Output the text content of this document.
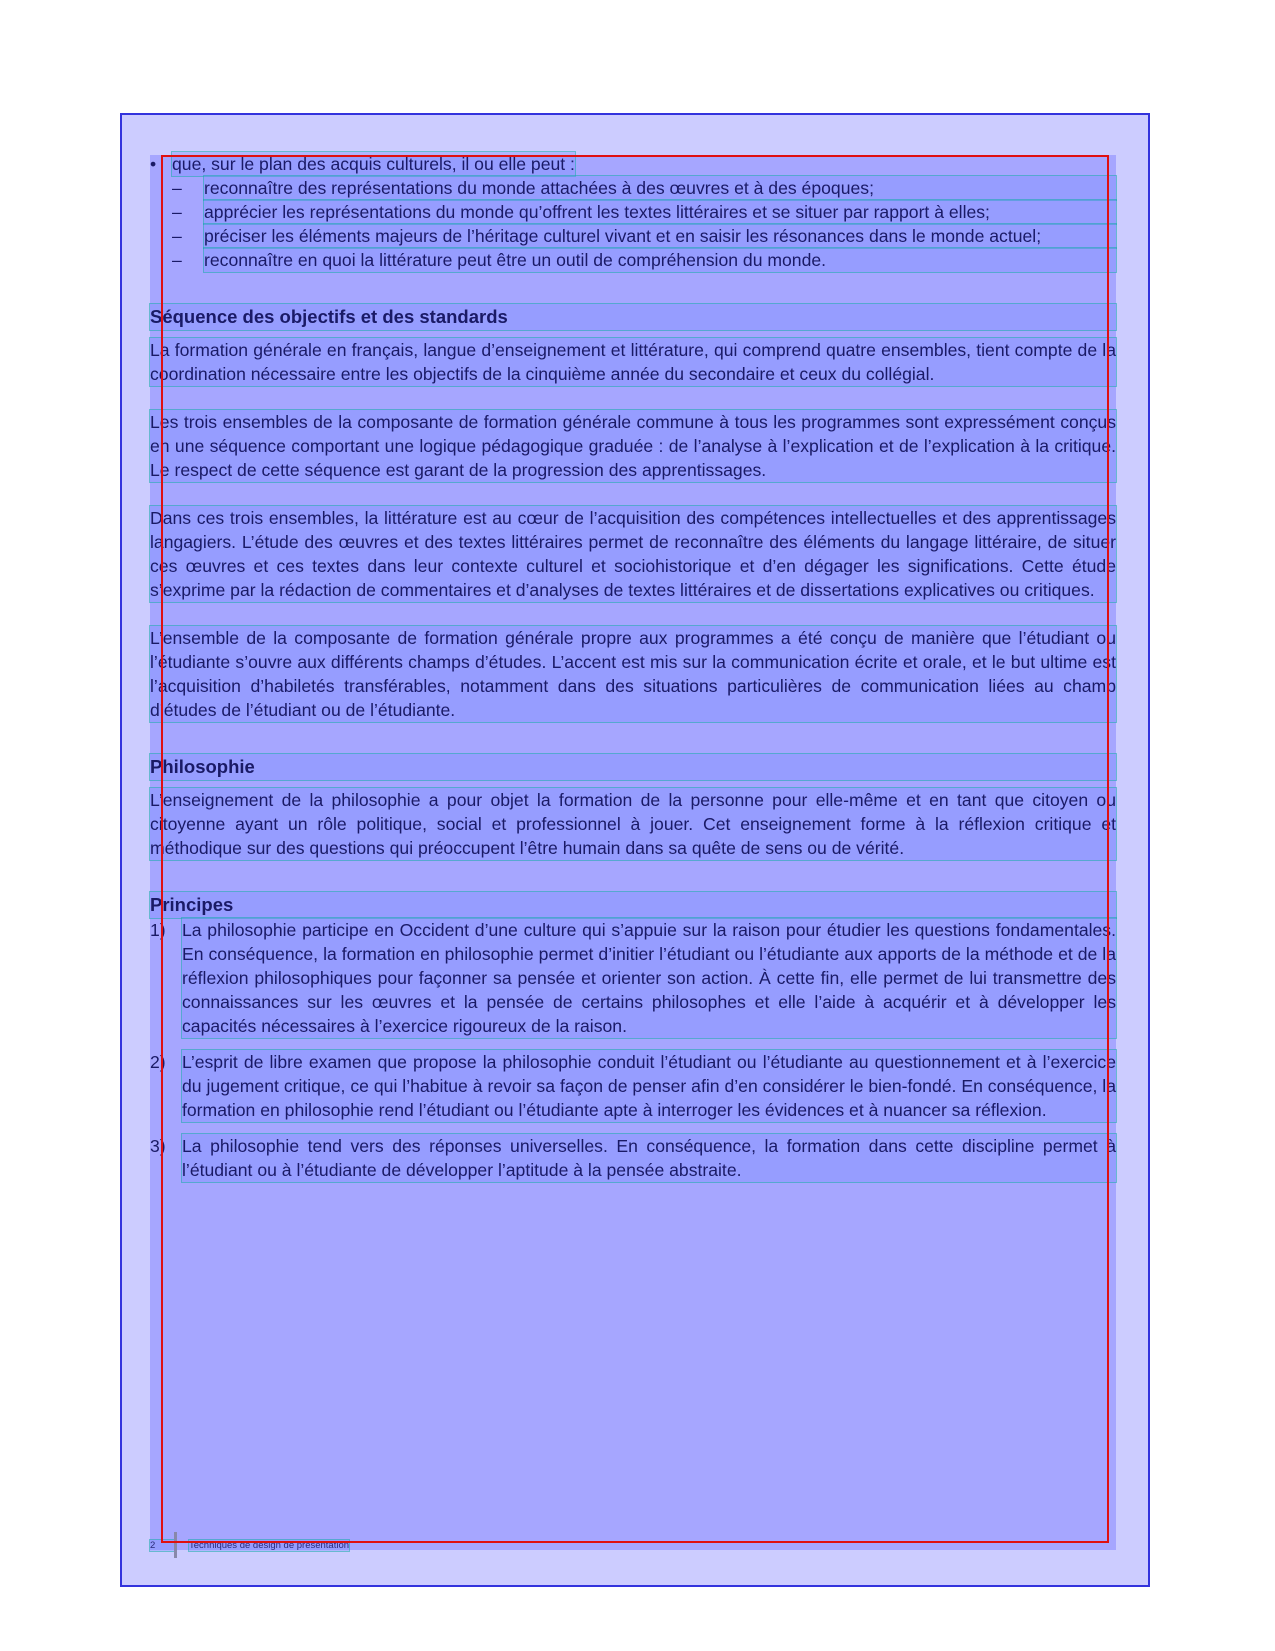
• que, sur le plan des acquis culturels, il ou elle peut :
–	reconnaître des représentations du monde attachées à des œuvres et à des époques;
–	apprécier les représentations du monde qu’offrent les textes littéraires et se situer par rapport à elles;
–	préciser les éléments majeurs de l’héritage culturel vivant et en saisir les résonances dans le monde actuel;
–	reconnaître en quoi la littérature peut être un outil de compréhension du monde.
Séquence des objectifs et des standards

La formation générale en français, langue d’enseignement et littérature, qui comprend quatre ensembles, tient compte de la coordination nécessaire entre les objectifs de la cinquième année du secondaire et ceux du collégial.

Les trois ensembles de la composante de formation générale commune à tous les programmes sont expressément conçus en une séquence comportant une logique pédagogique graduée : de l’analyse à l’explication et de l’explication à la critique. Le respect de cette séquence est garant de la progression des apprentissages.

Dans ces trois ensembles, la littérature est au cœur de l’acquisition des compétences intellectuelles et des apprentissages langagiers. L’étude des œuvres et des textes littéraires permet de reconnaître des éléments du langage littéraire, de situer ces œuvres et ces textes dans leur contexte culturel et sociohistorique et d’en dégager les significations. Cette étude s’exprime par la rédaction de commentaires et d’analyses de textes littéraires et de dissertations explicatives ou critiques.

L’ensemble de la composante de formation générale propre aux programmes a été conçu de manière que l’étudiant ou l’étudiante s’ouvre aux différents champs d’études. L’accent est mis sur la communication écrite et orale, et le but ultime est l’acquisition d’habiletés transférables, notamment dans des situations particulières de communication liées au champ d’études de l’étudiant ou de l’étudiante.

Philosophie

L’enseignement de la philosophie a pour objet la formation de la personne pour elle-même et en tant que citoyen ou citoyenne ayant un rôle politique, social et professionnel à jouer. Cet enseignement forme à la réflexion critique et méthodique sur des questions qui préoccupent l’être humain dans sa quête de sens ou de vérité.

Principes
1) La philosophie participe en Occident d’une culture qui s’appuie sur la raison pour étudier les questions fondamentales. En conséquence, la formation en philosophie permet d’initier l’étudiant ou l’étudiante aux apports de la méthode et de la réflexion philosophiques pour façonner sa pensée et orienter son action. À cette fin, elle permet de lui transmettre des connaissances sur les œuvres et la pensée de certains philosophes et elle l’aide à acquérir et à développer les capacités nécessaires à l’exercice rigoureux de la raison.
2) L’esprit de libre examen que propose la philosophie conduit l’étudiant ou l’étudiante au questionnement et à l’exercice du jugement critique, ce qui l’habitue à revoir sa façon de penser afin d’en considérer le bien-fondé. En conséquence, la formation en philosophie rend l’étudiant ou l’étudiante apte à interroger les évidences et à nuancer sa réflexion.
3) La philosophie tend vers des réponses universelles. En conséquence, la formation dans cette discipline permet à l’étudiant ou à l’étudiante de développer l’aptitude à la pensée abstraite.
2	Techniques de design de présentation
